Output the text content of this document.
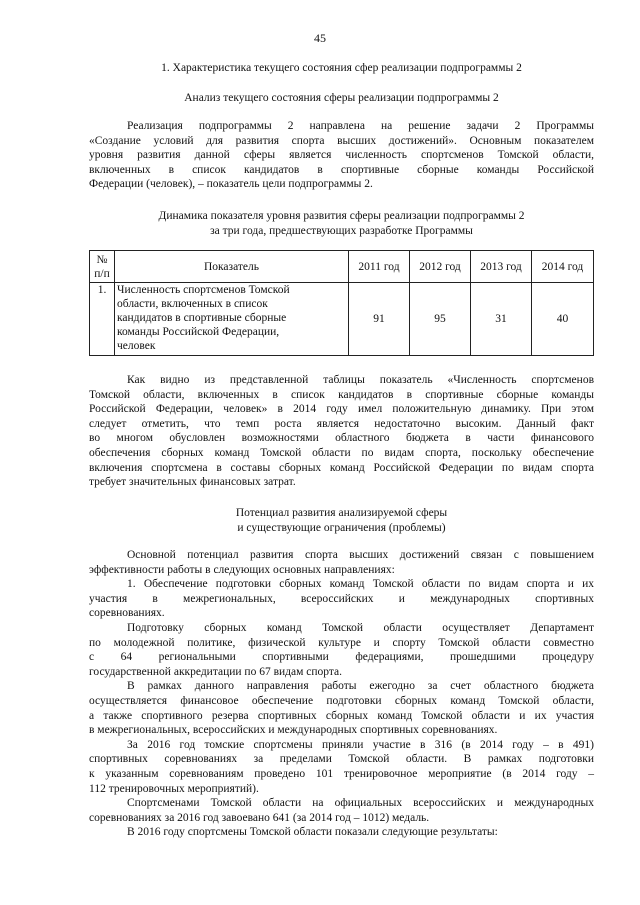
45
1. Характеристика текущего состояния сфер реализации подпрограммы 2
Анализ текущего состояния сферы реализации подпрограммы 2
Реализация подпрограммы 2 направлена на решение задачи 2 Программы
«Создание условий для развития спорта высших достижений». Основным показателем
уровня развития данной сферы является численность спортсменов Томской области,
включенных в список кандидатов в спортивные сборные команды Российской
Федерации (человек), – показатель цели подпрограммы 2.
Динамика показателя уровня развития сферы реализации подпрограммы 2
за три года, предшествующих разработке Программы
№
п/п	Показатель	2011 год	2012 год	2013 год	2014 год
1.	Численность спортсменов Томской
области, включенных в список
кандидатов в спортивные сборные
команды Российской Федерации,
человек	91	95	31	40
Как видно из представленной таблицы показатель «Численность спортсменов
Томской области, включенных в список кандидатов в спортивные сборные команды
Российской Федерации, человек» в 2014 году имел положительную динамику. При этом
следует отметить, что темп роста является недостаточно высоким. Данный факт
во многом обусловлен возможностями областного бюджета в части финансового
обеспечения сборных команд Томской области по видам спорта, поскольку обеспечение
включения спортсмена в составы сборных команд Российской Федерации по видам спорта
требует значительных финансовых затрат.
Потенциал развития анализируемой сферы
и существующие ограничения (проблемы)
Основной потенциал развития спорта высших достижений связан с повышением
эффективности работы в следующих основных направлениях:
1. Обеспечение подготовки сборных команд Томской области по видам спорта и их
участия в межрегиональных, всероссийских и международных спортивных
соревнованиях.
Подготовку сборных команд Томской области осуществляет Департамент
по молодежной политике, физической культуре и спорту Томской области совместно
с 64 региональными спортивными федерациями, прошедшими процедуру
государственной аккредитации по 67 видам спорта.
В рамках данного направления работы ежегодно за счет областного бюджета
осуществляется финансовое обеспечение подготовки сборных команд Томской области,
а также спортивного резерва спортивных сборных команд Томской области и их участия
в межрегиональных, всероссийских и международных спортивных соревнованиях.
За 2016 год томские спортсмены приняли участие в 316 (в 2014 году – в 491)
спортивных соревнованиях за пределами Томской области. В рамках подготовки
к указанным соревнованиям проведено 101 тренировочное мероприятие (в 2014 году –
112 тренировочных мероприятий).
Спортсменами Томской области на официальных всероссийских и международных
соревнованиях за 2016 год завоевано 641 (за 2014 год – 1012) медаль.
В 2016 году спортсмены Томской области показали следующие результаты:
